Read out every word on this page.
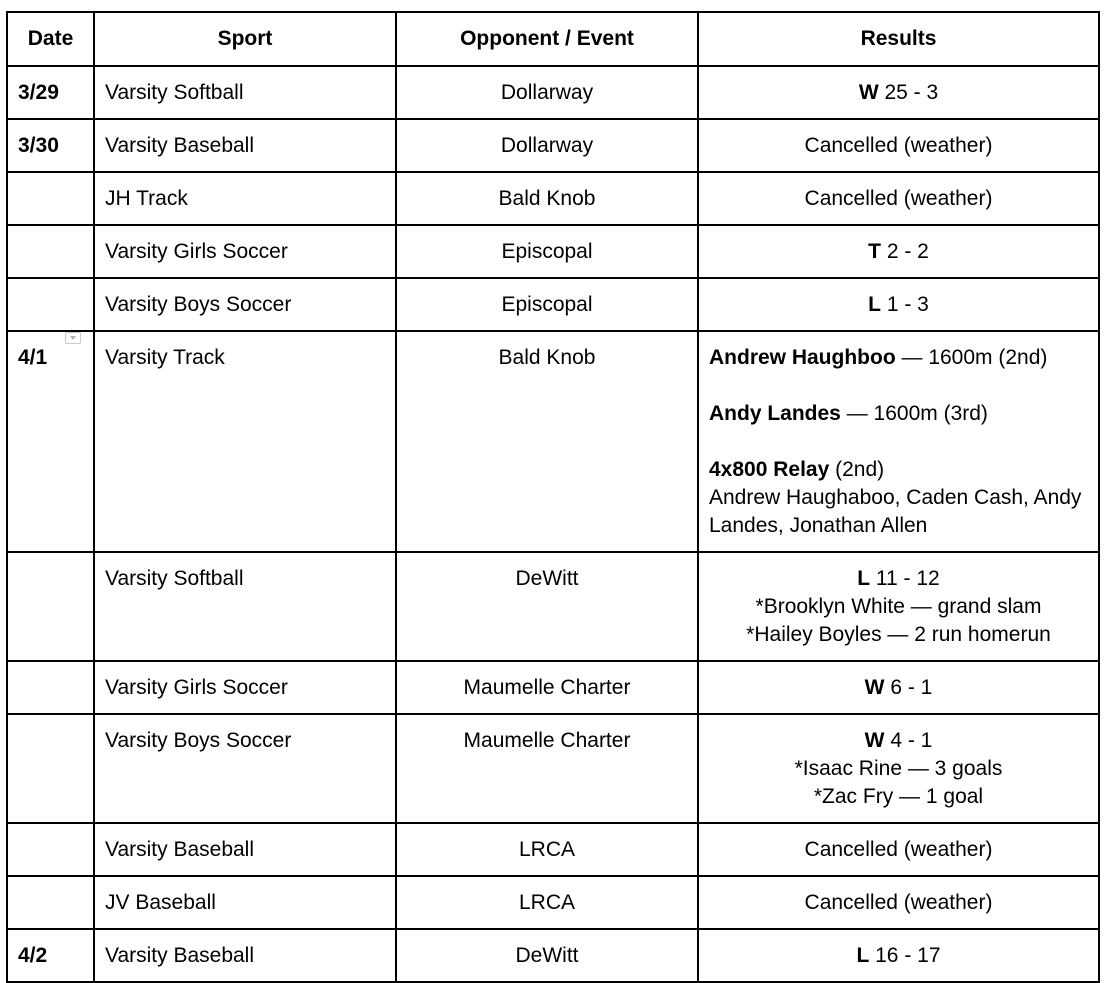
Date	Sport	Opponent / Event	Results
3/29	Varsity Softball	Dollarway	W 25 - 3
3/30	Varsity Baseball	Dollarway	Cancelled (weather)
	JH Track	Bald Knob	Cancelled (weather)
	Varsity Girls Soccer	Episcopal	T 2 - 2
	Varsity Boys Soccer	Episcopal	L 1 - 3
4/1	Varsity Track	Bald Knob	Andrew Haughboo — 1600m (2nd)
Andy Landes — 1600m (3rd)
4x800 Relay (2nd)
Andrew Haughaboo, Caden Cash, Andy Landes, Jonathan Allen

	Varsity Softball	DeWitt	L 11 - 12
*Brooklyn White — grand slam
*Hailey Boyles — 2 run homerun

	Varsity Girls Soccer	Maumelle Charter	W 6 - 1
	Varsity Boys Soccer	Maumelle Charter	W 4 - 1
*Isaac Rine — 3 goals
*Zac Fry — 1 goal

	Varsity Baseball	LRCA	Cancelled (weather)
	JV Baseball	LRCA	Cancelled (weather)
4/2	Varsity Baseball	DeWitt	L 16 - 17
